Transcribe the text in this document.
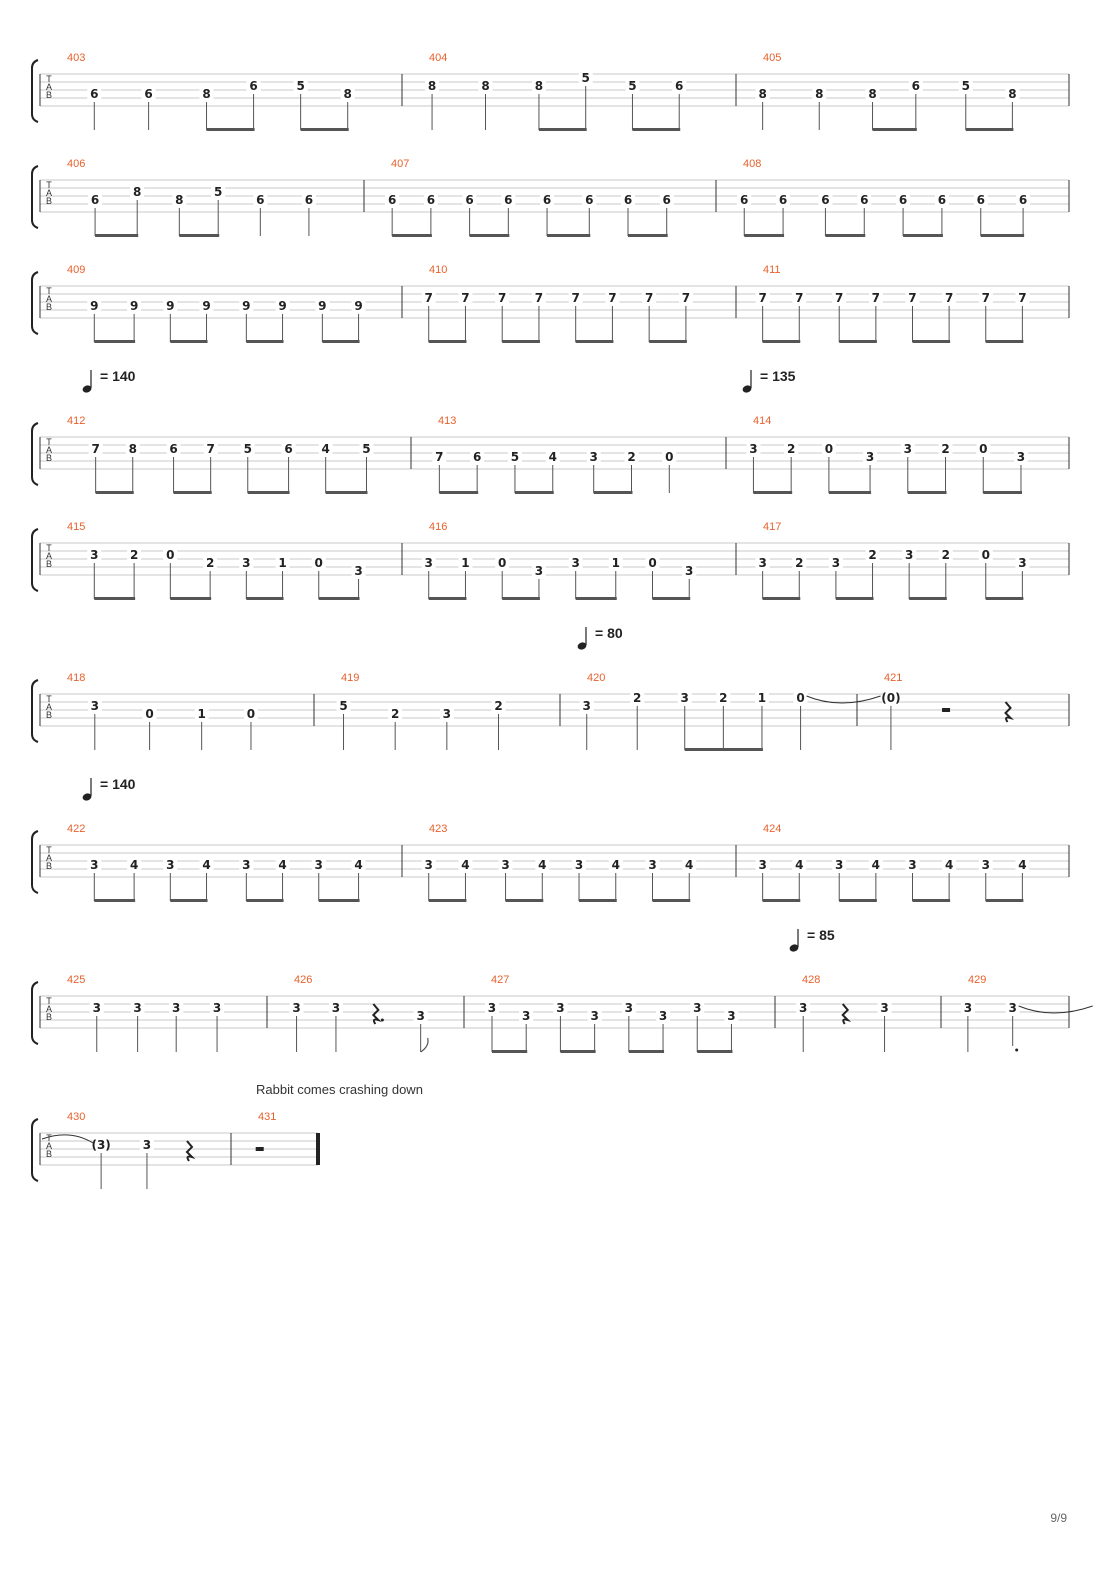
T
A
B
403
6	6	8
6	5
8
404
8	8	8
5
5	6
405
8	8	8
6	5
8
T
A
B
406
6
8
8
5
6	6
407
6	6	6	6	6	6	6	6
408
6	6	6	6	6	6	6	6
T
A
B
409
9	9 9 9	9 9	9 9
410
7 7 7 7 7 7 7 7
411
7 7	7 7 7 7 7 7
T
A
B
= 140	= 135
412
7 8	6 7 5	6 4	5
413
7 6 5 4	3 2 0
414
3 2 0
3
3 2 0
3
T
A
B
415
3	2 0
2 3 1 0
3
416
3 1 0
3
3	1 0
3
417
3 2 3
2 3 2	0
3
T
A
B
= 80
418
3
0	1	0
419
5
2	3
2
420
3
2	3	2	1	0
421
(0)
T
A
B
= 140
422
3	4 3 4	3 4 3	4
423
3 4	3 4 3 4 3 4
424
3 4	3 4 3 4 3 4
T
A
B
= 85
425
3	3	3	3
426
3	3
3
427
3
3
3
3
3
3
3
3
428
3	3
429
3	3
T
A
B
Rabbit comes crashing down
430
(3)	3
431
9/9
